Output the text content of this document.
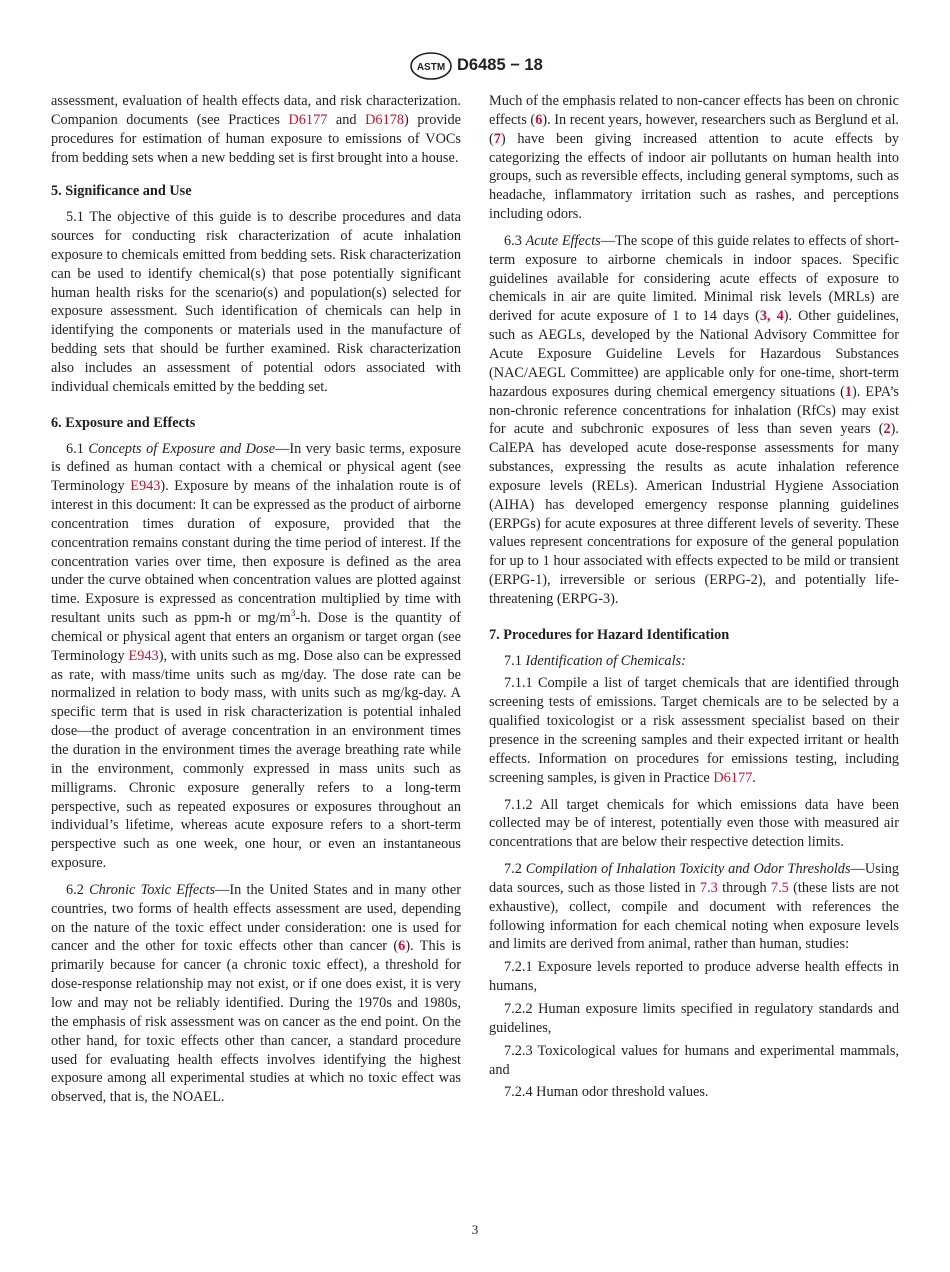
ASTM D6485 − 18

assessment, evaluation of health effects data, and risk characterization. Companion documents (see Practices D6177 and D6178) provide procedures for estimation of human exposure to emissions of VOCs from bedding sets when a new bedding set is first brought into a house.

5. Significance and Use

5.1 The objective of this guide is to describe procedures and data sources for conducting risk characterization of acute inhalation exposure to chemicals emitted from bedding sets. Risk characterization can be used to identify chemical(s) that pose potentially significant human health risks for the scenario(s) and population(s) selected for exposure assessment. Such identification of chemicals can help in identifying the components or materials used in the manufacture of bedding sets that should be further examined. Risk characterization also includes an assessment of potential odors associated with individual chemicals emitted by the bedding set.

6. Exposure and Effects

6.1 Concepts of Exposure and Dose—In very basic terms, exposure is defined as human contact with a chemical or physical agent (see Terminology E943). Exposure by means of the inhalation route is of interest in this document: It can be expressed as the product of airborne concentration times duration of exposure, provided that the concentration remains constant during the time period of interest. If the concentration varies over time, then exposure is defined as the area under the curve obtained when concentration values are plotted against time. Exposure is expressed as concentration multiplied by time with resultant units such as ppm-h or $mg/m^3-h$. Dose is the quantity of chemical or physical agent that enters an organism or target organ (see Terminology E943), with units such as mg. Dose also can be expressed as rate, with mass/time units such as mg/day. The dose rate can be normalized in relation to body mass, with units such as mg/kg-day. A specific term that is used in risk characterization is potential inhaled dose—the product of average concentration in an environment times the duration in the environment times the average breathing rate while in the environment, commonly expressed in mass units such as milligrams. Chronic exposure generally refers to a long-term perspective, such as repeated exposures or exposures throughout an individual’s lifetime, whereas acute exposure refers to a short-term perspective such as one week, one hour, or even an instantaneous exposure.

6.2 Chronic Toxic Effects—In the United States and in many other countries, two forms of health effects assessment are used, depending on the nature of the toxic effect under consideration: one is used for cancer and the other for toxic effects other than cancer (6). This is primarily because for cancer (a chronic toxic effect), a threshold for dose-response relationship may not exist, or if one does exist, it is very low and may not be reliably identified. During the 1970s and 1980s, the emphasis of risk assessment was on cancer as the end point. On the other hand, for toxic effects other than cancer, a standard procedure used for evaluating health effects involves identifying the highest exposure among all experimental studies at which no toxic effect was observed, that is, the NOAEL.

Much of the emphasis related to non-cancer effects has been on chronic effects (6). In recent years, however, researchers such as Berglund et al. (7) have been giving increased attention to acute effects by categorizing the effects of indoor air pollutants on human health into groups, such as reversible effects, including general symptoms, such as headache, inflammatory irritation such as rashes, and perceptions including odors.

6.3 Acute Effects—The scope of this guide relates to effects of short-term exposure to airborne chemicals in indoor spaces. Specific guidelines available for considering acute effects of exposure to chemicals in air are quite limited. Minimal risk levels (MRLs) are derived for acute exposure of 1 to 14 days (3, 4). Other guidelines, such as AEGLs, developed by the National Advisory Committee for Acute Exposure Guideline Levels for Hazardous Substances (NAC/AEGL Committee) are applicable only for one-time, short-term hazardous exposures during chemical emergency situations (1). EPA’s non-chronic reference concentrations for inhalation (RfCs) may exist for acute and subchronic exposures of less than seven years (2). CalEPA has developed acute dose-response assessments for many substances, expressing the results as acute inhalation reference exposure levels (RELs). American Industrial Hygiene Association (AIHA) has developed emergency response planning guidelines (ERPGs) for acute exposures at three different levels of severity. These values represent concentrations for exposure of the general population for up to 1 hour associated with effects expected to be mild or transient (ERPG-1), irreversible or serious (ERPG-2), and potentially life-threatening (ERPG-3).

7. Procedures for Hazard Identification

7.1 Identification of Chemicals:

7.1.1 Compile a list of target chemicals that are identified through screening tests of emissions. Target chemicals are to be selected by a qualified toxicologist or a risk assessment specialist based on their presence in the screening samples and their expected irritant or health effects. Information on procedures for emissions testing, including screening samples, is given in Practice D6177.

7.1.2 All target chemicals for which emissions data have been collected may be of interest, potentially even those with measured air concentrations that are below their respective detection limits.

7.2 Compilation of Inhalation Toxicity and Odor Thresholds—Using data sources, such as those listed in 7.3 through 7.5 (these lists are not exhaustive), collect, compile and document with references the following information for each chemical noting when exposure levels and limits are derived from animal, rather than human, studies:

7.2.1 Exposure levels reported to produce adverse health effects in humans,

7.2.2 Human exposure limits specified in regulatory standards and guidelines,

7.2.3 Toxicological values for humans and experimental mammals, and

7.2.4 Human odor threshold values.

3
